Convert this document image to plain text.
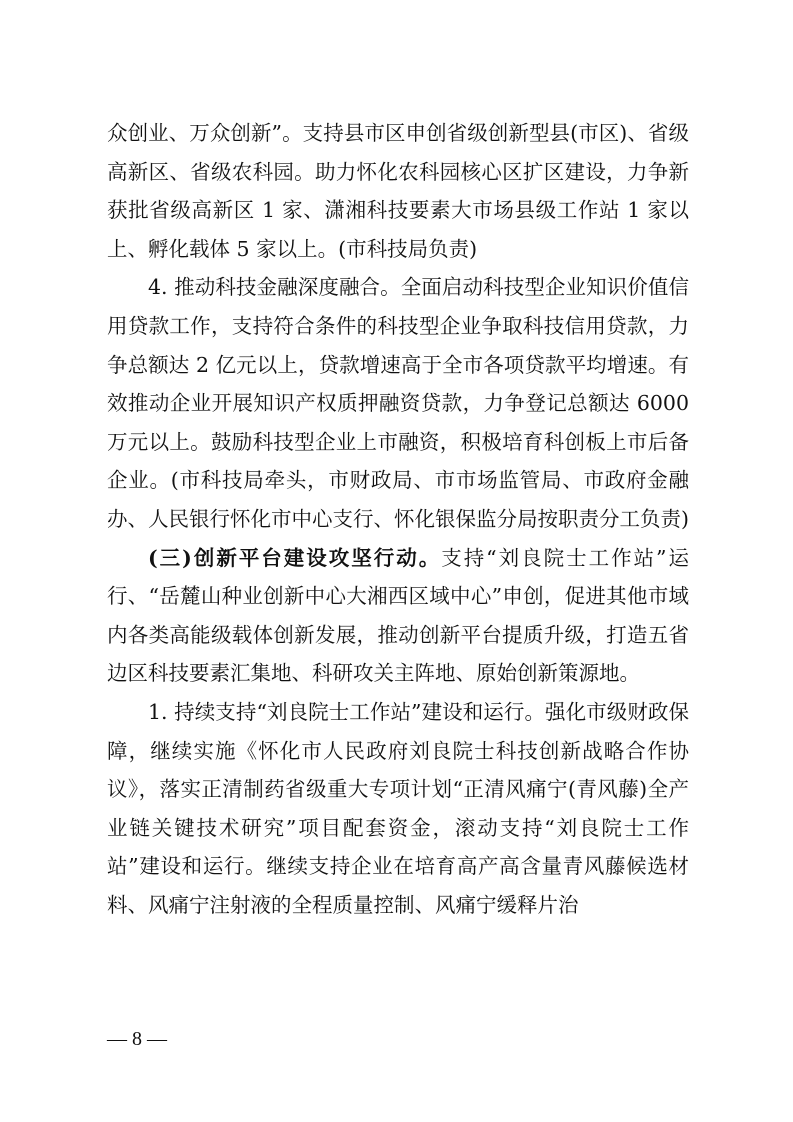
众创业、万众创新”。支持县市区申创省级创新型县(市区)、省级高新区、省级农科园。助力怀化农科园核心区扩区建设，力争新获批省级高新区 1 家、潇湘科技要素大市场县级工作站 1 家以上、孵化载体 5 家以上。(市科技局负责)

4. 推动科技金融深度融合。全面启动科技型企业知识价值信用贷款工作，支持符合条件的科技型企业争取科技信用贷款，力争总额达 2 亿元以上，贷款增速高于全市各项贷款平均增速。有效推动企业开展知识产权质押融资贷款，力争登记总额达 6000 万元以上。鼓励科技型企业上市融资，积极培育科创板上市后备企业。(市科技局牵头，市财政局、市市场监管局、市政府金融办、人民银行怀化市中心支行、怀化银保监分局按职责分工负责)

(三)创新平台建设攻坚行动。支持“刘良院士工作站”运行、“岳麓山种业创新中心大湘西区域中心”申创，促进其他市域内各类高能级载体创新发展，推动创新平台提质升级，打造五省边区科技要素汇集地、科研攻关主阵地、原始创新策源地。

1. 持续支持“刘良院士工作站”建设和运行。强化市级财政保障，继续实施《怀化市人民政府刘良院士科技创新战略合作协议》，落实正清制药省级重大专项计划“正清风痛宁(青风藤)全产业链关键技术研究”项目配套资金，滚动支持“刘良院士工作站”建设和运行。继续支持企业在培育高产高含量青风藤候选材料、风痛宁注射液的全程质量控制、风痛宁缓释片治

— 8 —
